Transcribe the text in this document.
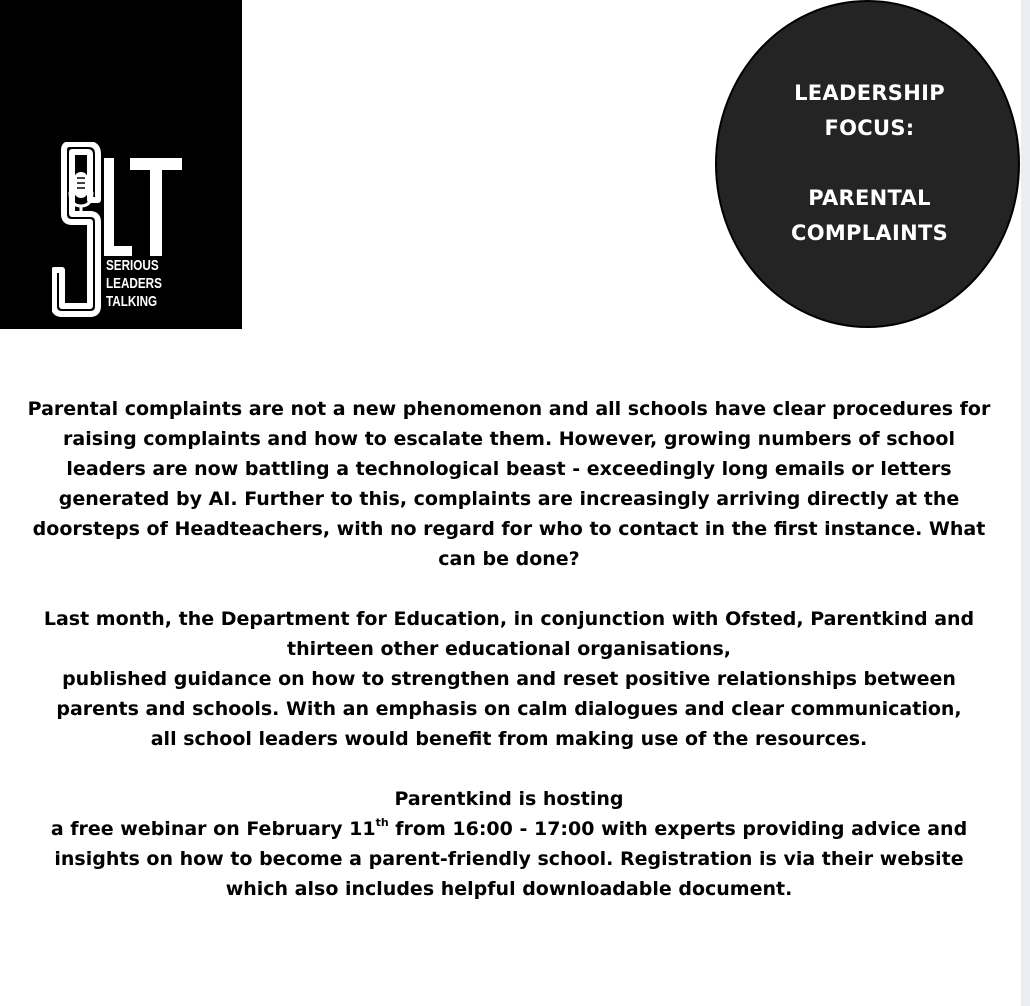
SERIOUS
LEADERS
TALKING
LEADERSHIP
FOCUS:
PARENTAL
COMPLAINTS
Parental complaints are not a new phenomenon and all schools have clear procedures for
raising complaints and how to escalate them. However, growing numbers of school
leaders are now battling a technological beast - exceedingly long emails or letters
generated by AI. Further to this, complaints are increasingly arriving directly at the
doorsteps of Headteachers, with no regard for who to contact in the first instance. What
can be done?
Last month, the Department for Education, in conjunction with Ofsted, Parentkind and
thirteen other educational organisations,
published guidance on how to strengthen and reset positive relationships between
parents and schools. With an emphasis on calm dialogues and clear communication,
all school leaders would benefit from making use of the resources.
Parentkind is hosting
a free webinar on February 11th from 16:00 - 17:00 with experts providing advice and
insights on how to become a parent-friendly school. Registration is via their website
which also includes helpful downloadable document.
